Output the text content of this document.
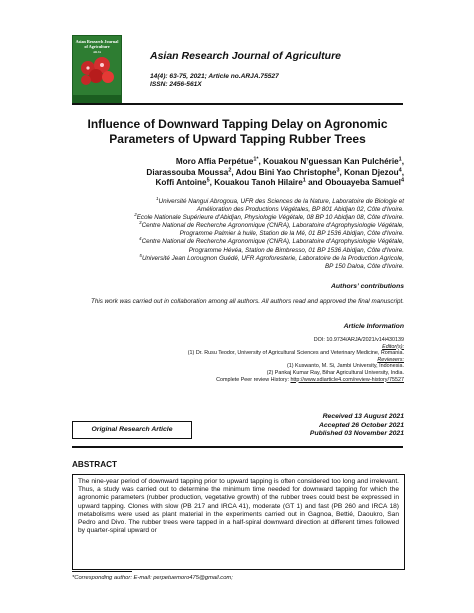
Asian Research Journal of Agriculture
ARJA	Asian Research Journal of Agriculture
14(4): 63-75, 2021; Article no.ARJA.75527
ISSN: 2456-561X
Influence of Downward Tapping Delay on Agronomic Parameters of Upward Tapping Rubber Trees
Moro Affia Perpétue$^{1*}$, Kouakou N’guessan Kan Pulchérie$^1$,
Diarassouba Moussa$^2$, Adou Bini Yao Christophe$^3$, Konan Djezou$^4$,
Koffi Antoine$^5$, Kouakou Tanoh Hilaire$^1$ and Obouayeba Samuel$^4$
$^1$Université Nangui Abrogoua, UFR des Sciences de la Nature, Laboratoire de Biologie et
Amélioration des Productions Végétales, BP 801 Abidjan 02, Côte d'Ivoire.
$^2$Ecole Nationale Supérieure d'Abidjan, Physiologie Végétale, 08 BP 10 Abidjan 08, Côte d'Ivoire.
$^3$Centre National de Recherche Agronomique (CNRA), Laboratoire d'Agrophysiologie Végétale,
Programme Palmier à huile, Station de la Mé, 01 BP 1536 Abidjan, Côte d'Ivoire.
$^4$Centre National de Recherche Agronomique (CNRA), Laboratoire d'Agrophysiologie Végétale,
Programme Hévéa, Station de Bimbresso, 01 BP 1536 Abidjan, Côte d'Ivoire.
$^5$Université Jean Lorougnon Guédé, UFR Agroforesterie, Laboratoire de la Production Agricole,
BP 150 Daloa, Côte d'Ivoire.
Authors’ contributions
This work was carried out in collaboration among all authors. All authors read and approved the final manuscript.
Article Information
DOI: 10.9734/ARJA/2021/v14i430139
Editor(s):
(1) Dr. Rusu Teodor, University of Agricultural Sciences and Veterinary Medicine, Romania.
Reviewers:
(1) Kuswanto, M. Si, Jambi University, Indonesia.
(2) Pankaj Kumar Ray, Bihar Agricultural University, India.
Complete Peer review History: http://www.sdiarticle4.com/review-history/75527
Original Research Article
Received 13 August 2021
Accepted 26 October 2021
Published 03 November 2021
ABSTRACT
The nine-year period of downward tapping prior to upward tapping is often considered too long and irrelevant. Thus, a study was carried out to determine the minimum time needed for downward tapping for which the agronomic parameters (rubber production, vegetative growth) of the rubber trees could best be expressed in upward tapping. Clones with slow (PB 217 and IRCA 41), moderate (GT 1) and fast (PB 260 and IRCA 18) metabolisms were used as plant material in the experiments carried out in Gagnoa, Bettié, Daoukro, San Pedro and Divo. The rubber trees were tapped in a half-spiral downward direction at different times followed by quarter-spiral upward or
*Corresponding author: E-mail: perpetuemoro475@gmail.com;
